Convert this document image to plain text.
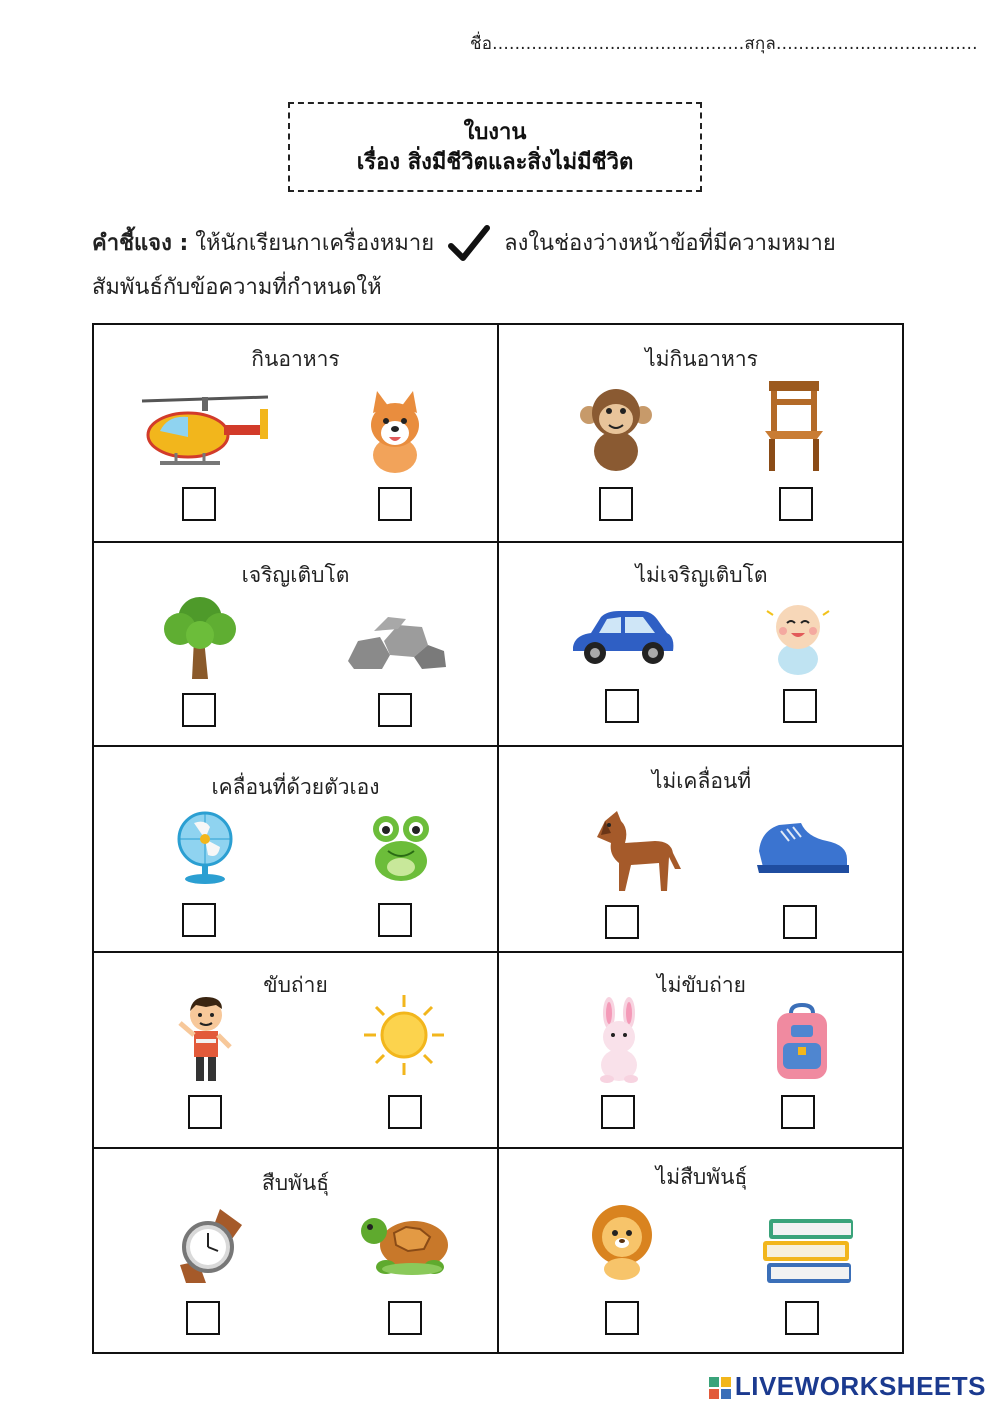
ชื่อ.............................................สกุล....................................
ใบงาน
เรื่อง สิ่งมีชีวิตและสิ่งไม่มีชีวิต
คำชี้แจง : ให้นักเรียนกาเครื่องหมาย	ลงในช่องว่างหน้าข้อที่มีความหมาย
สัมพันธ์กับข้อความที่กำหนดให้
กินอาหาร	ไม่กินอาหาร
เจริญเติบโต	ไม่เจริญเติบโต
เคลื่อนที่ด้วยตัวเอง	ไม่เคลื่อนที่
ขับถ่าย	ไม่ขับถ่าย
สืบพันธุ์	ไม่สืบพันธุ์
LIVEWORKSHEETS
